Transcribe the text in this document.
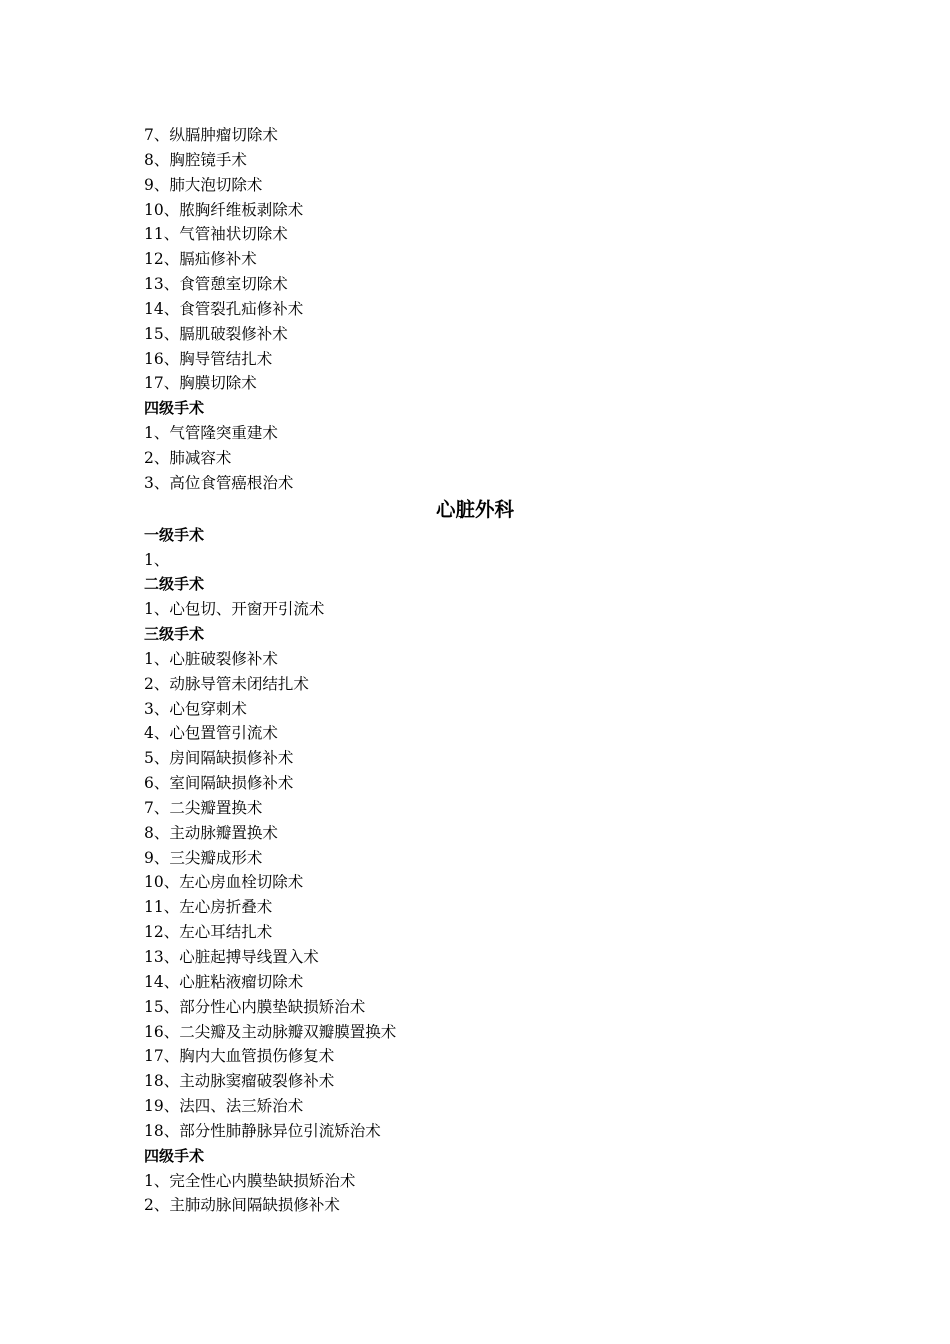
7、纵膈肿瘤切除术
8、胸腔镜手术
9、肺大泡切除术
10、脓胸纤维板剥除术
11、气管袖状切除术
12、膈疝修补术
13、食管憩室切除术
14、食管裂孔疝修补术
15、膈肌破裂修补术
16、胸导管结扎术
17、胸膜切除术
四级手术
1、气管隆突重建术
2、肺减容术
3、高位食管癌根治术
心脏外科
一级手术
1、
二级手术
1、心包切、开窗开引流术
三级手术
1、心脏破裂修补术
2、动脉导管未闭结扎术
3、心包穿刺术
4、心包置管引流术
5、房间隔缺损修补术
6、室间隔缺损修补术
7、二尖瓣置换术
8、主动脉瓣置换术
9、三尖瓣成形术
10、左心房血栓切除术
11、左心房折叠术
12、左心耳结扎术
13、心脏起搏导线置入术
14、心脏粘液瘤切除术
15、部分性心内膜垫缺损矫治术
16、二尖瓣及主动脉瓣双瓣膜置换术
17、胸内大血管损伤修复术
18、主动脉窦瘤破裂修补术
19、法四、法三矫治术
18、部分性肺静脉异位引流矫治术
四级手术
1、完全性心内膜垫缺损矫治术
2、主肺动脉间隔缺损修补术
